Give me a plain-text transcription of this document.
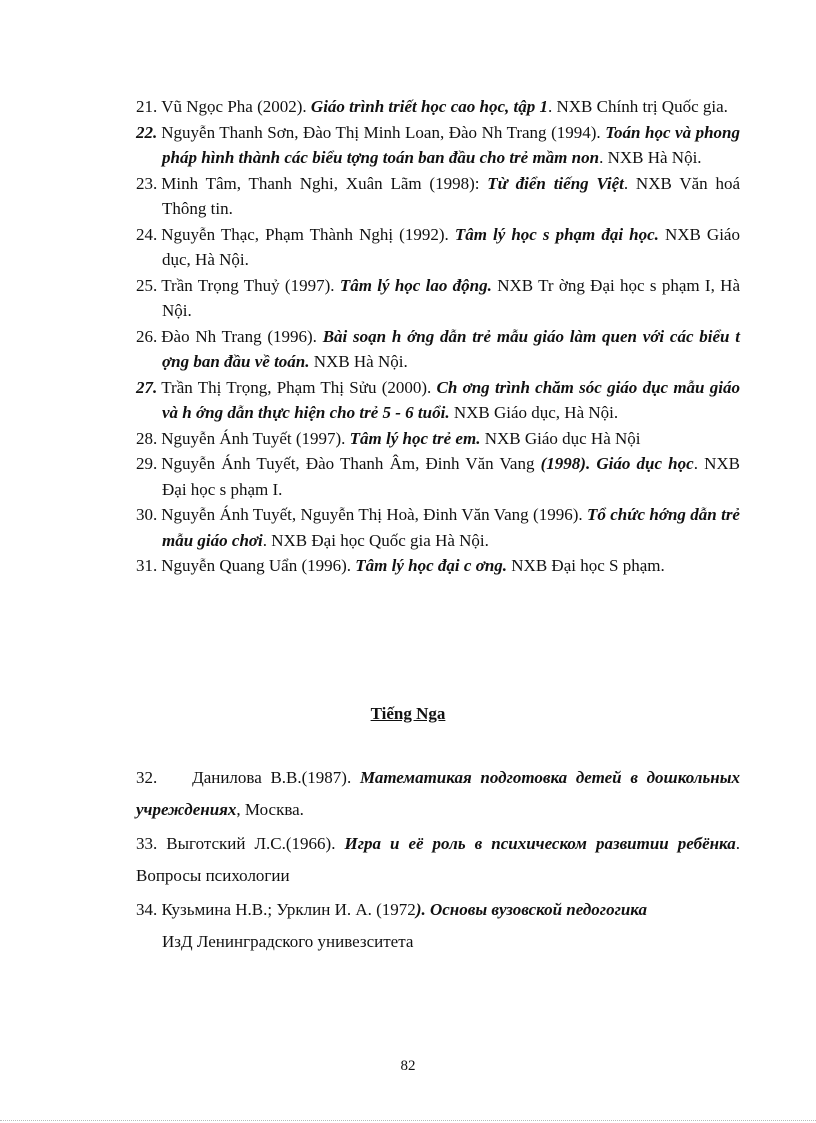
21. Vũ Ngọc Pha (2002). Giáo trình triết học cao học, tập 1. NXB Chính trị Quốc gia.

22. Nguyễn Thanh Sơn, Đào Thị Minh Loan, Đào Nh Trang (1994). Toán học và phong pháp hình thành các biểu tợng toán ban đầu cho trẻ mầm non. NXB Hà Nội.

23. Minh Tâm, Thanh Nghi, Xuân Lãm (1998): Từ điển tiếng Việt. NXB Văn hoá Thông tin.

24. Nguyễn Thạc, Phạm Thành Nghị (1992). Tâm lý học s phạm đại học. NXB Giáo dục, Hà Nội.

25. Trần Trọng Thuỷ (1997). Tâm lý học lao động. NXB Tr ờng Đại học s phạm I, Hà Nội.

26. Đào Nh Trang (1996). Bài soạn h ớng dẫn trẻ mẫu giáo làm quen với các biểu t ợng ban đầu về toán. NXB Hà Nội.

27. Trần Thị Trọng, Phạm Thị Sửu (2000). Ch ơng trình chăm sóc giáo dục mẫu giáo và h ớng dẫn thực hiện cho trẻ 5 - 6 tuổi. NXB Giáo dục, Hà Nội.

28. Nguyễn Ánh Tuyết (1997). Tâm lý học trẻ em. NXB Giáo dục Hà Nội

29. Nguyễn Ánh Tuyết, Đào Thanh Âm, Đinh Văn Vang (1998). Giáo dục học. NXB Đại học s phạm I.

30. Nguyễn Ánh Tuyết, Nguyễn Thị Hoà, Đinh Văn Vang (1996). Tổ chức hớng dẫn trẻ mẫu giáo chơi. NXB Đại học Quốc gia Hà Nội.

31. Nguyễn Quang Uẩn (1996). Tâm lý học đại c ơng. NXB Đại học S phạm.

Tiếng Nga

32. Данилова В.В.(1987). Математикая подготовка детей в дошкольных учреждениях, Москва.

33. Выготский Л.С.(1966). Игра и её роль в психическом развитии ребёнка. Вопросы психологии

34. Кузьмина Н.В.; Урклин И. А. (1972). Основы вузовской педогогика
ИзД Ленинградского унивезситета

82
